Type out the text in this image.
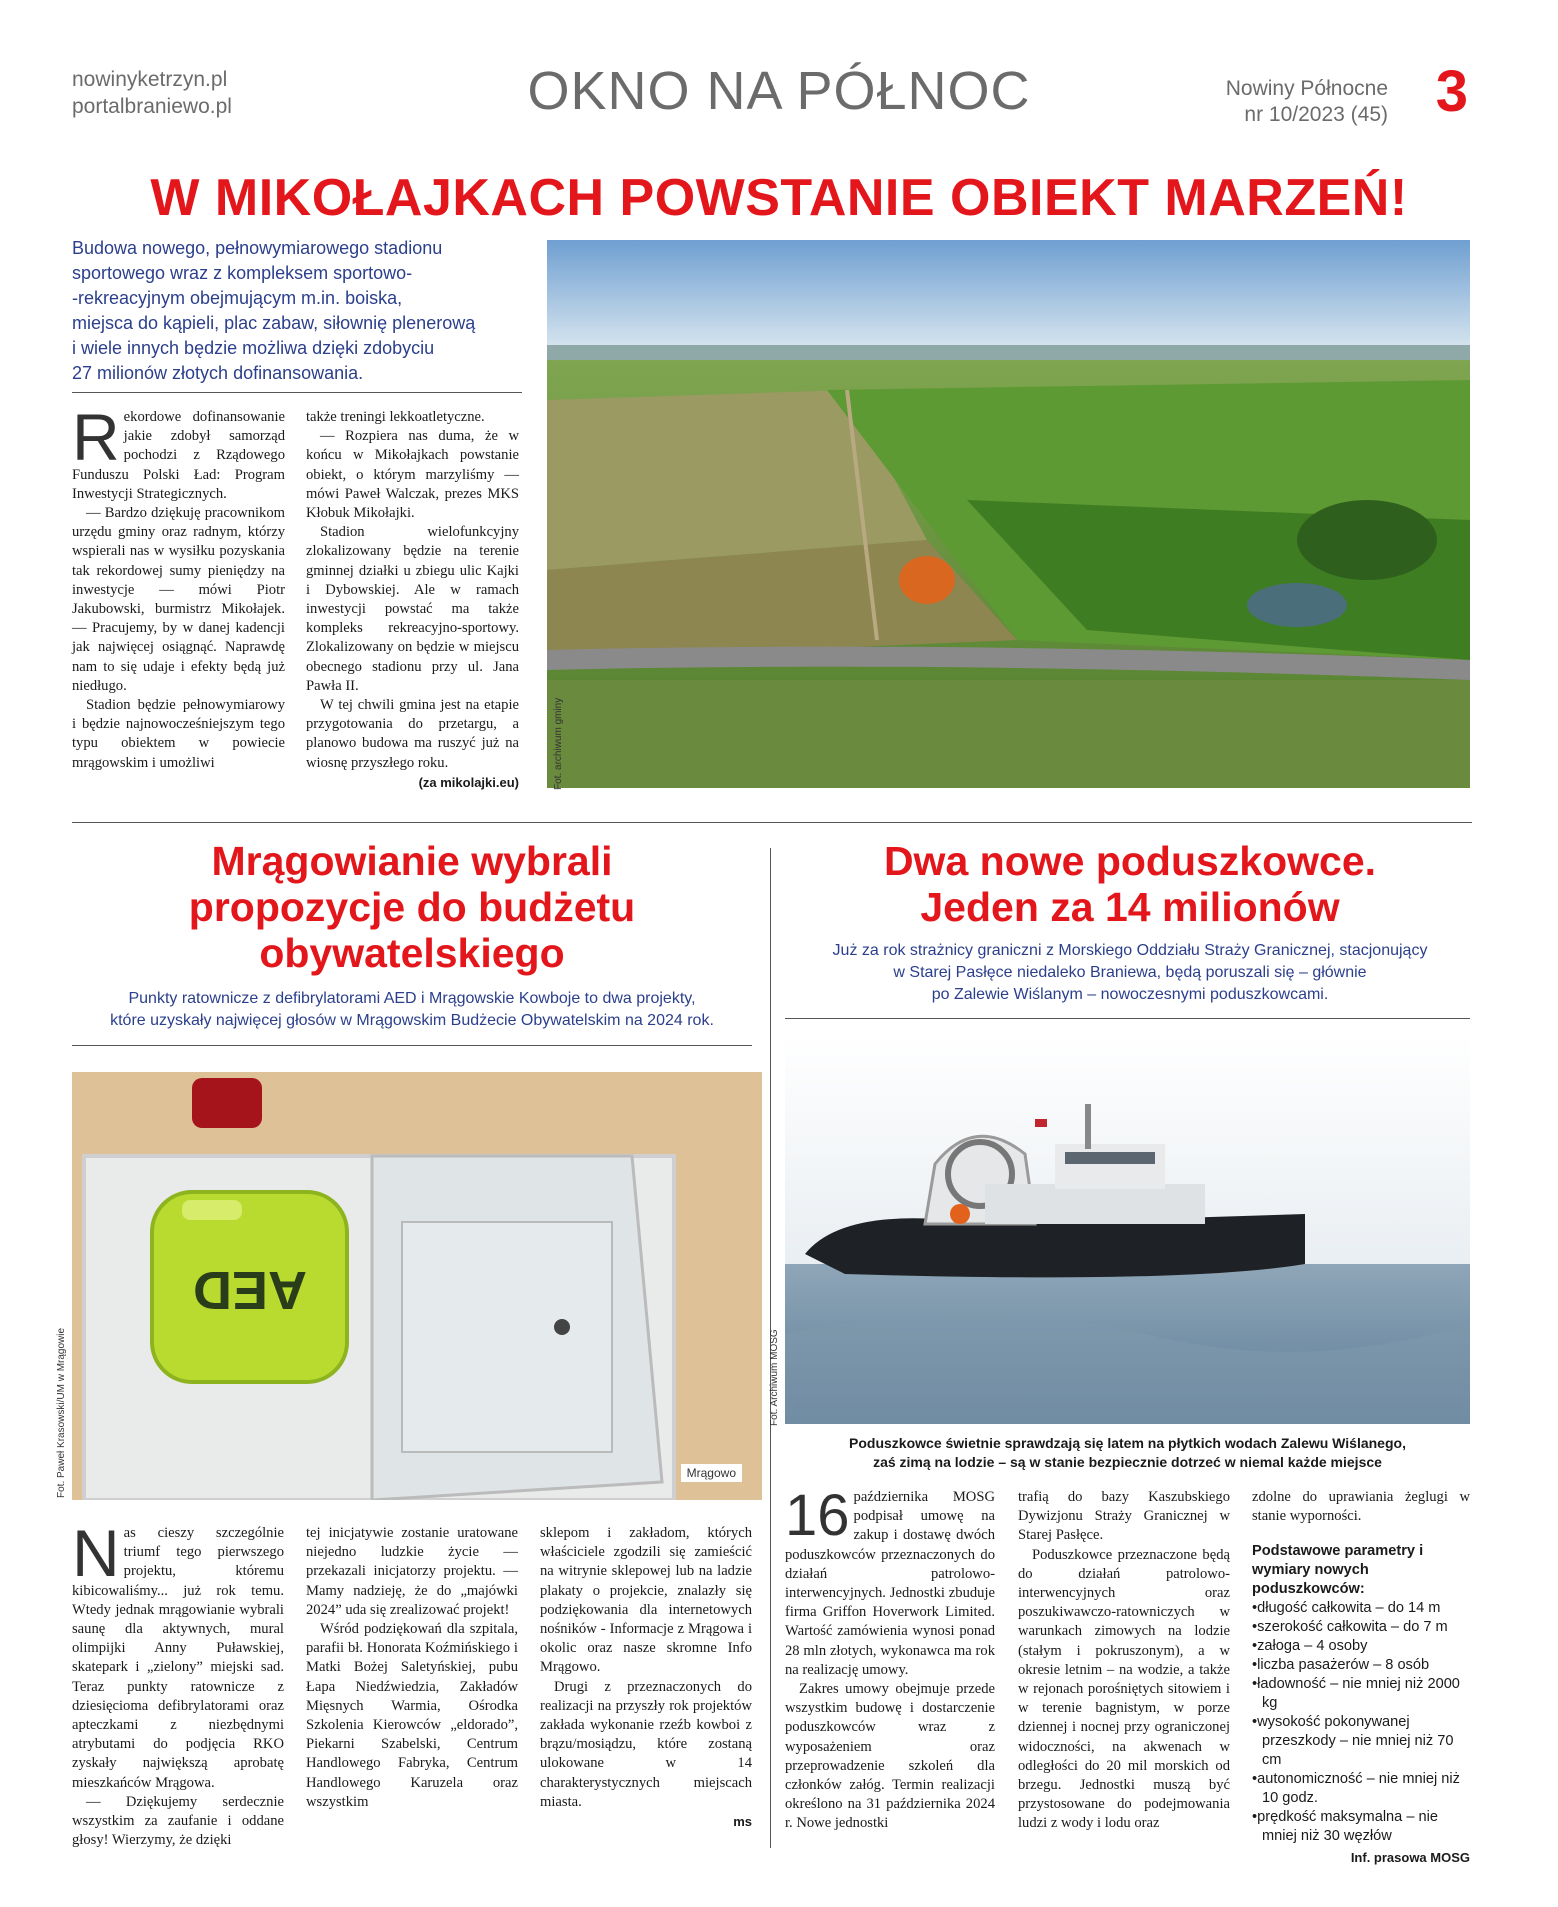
nowinyketrzyn.pl
portalbraniewo.pl	OKNO NA PÓŁNOC	Nowiny Północne
nr 10/2023 (45) 3
W MIKOŁAJKACH POWSTANIE OBIEKT MARZEŃ!
Budowa nowego, pełnowymiarowego stadionu
sportowego wraz z kompleksem sportowo-
-rekreacyjnym obejmującym m.in. boiska,
miejsca do kąpieli, plac zabaw, siłownię plenerową
i wiele innych będzie możliwa dzięki zdobyciu
27 milionów złotych dofinansowania.
R ekordowe dofinansowanie jakie zdobył samorząd pochodzi z Rządowego Funduszu Polski Ład: Program Inwestycji Strategicznych.

— Bardzo dziękuję pracownikom urzędu gminy oraz radnym, którzy wspierali nas w wysiłku pozyskania tak rekordowej sumy pieniędzy na inwestycje — mówi Piotr Jakubowski, burmistrz Mikołajek. — Pracujemy, by w danej kadencji jak najwięcej osiągnąć. Naprawdę nam to się udaje i efekty będą już niedługo.

Stadion będzie pełnowymiarowy i będzie najnowocześniejszym tego typu obiektem w powiecie mrągowskim i umożliwi

także treningi lekkoatletyczne.

— Rozpiera nas duma, że w końcu w Mikołajkach powstanie obiekt, o którym marzyliśmy — mówi Paweł Walczak, prezes MKS Kłobuk Mikołajki.

Stadion wielofunkcyjny zlokalizowany będzie na terenie gminnej działki u zbiegu ulic Kajki i Dybowskiej. Ale w ramach inwestycji powstać ma także kompleks rekreacyjno-sportowy. Zlokalizowany on będzie w miejscu obecnego stadionu przy ul. Jana Pawła II.

W tej chwili gmina jest na etapie przygotowania do przetargu, a planowo budowa ma ruszyć już na wiosnę przyszłego roku.

(za mikolajki.eu)	Fot. archiwum gminy
Mrągowianie wybrali
propozycje do budżetu
obywatelskiego
Punkty ratownicze z defibrylatorami AED i Mrągowskie Kowboje to dwa projekty,
które uzyskały najwięcej głosów w Mrągowskim Budżecie Obywatelskim na 2024 rok.
AED
Mrągowo
Fot. Paweł Krasowski/UM w Mrągowie
N as cieszy szczególnie triumf tego pierwszego projektu, któremu kibicowaliśmy... już rok temu. Wtedy jednak mrągowianie wybrali saunę dla aktywnych, mural olimpijki Anny Puławskiej, skatepark i „zielony” miejski sad. Teraz punkty ratownicze z dziesięcioma defibrylatorami oraz apteczkami z niezbędnymi atrybutami do podjęcia RKO zyskały największą aprobatę mieszkańców Mrągowa.

— Dziękujemy serdecznie wszystkim za zaufanie i oddane głosy! Wierzymy, że dzięki

tej inicjatywie zostanie uratowane niejedno ludzkie życie — przekazali inicjatorzy projektu. — Mamy nadzieję, że do „majówki 2024” uda się zrealizować projekt!

Wśród podziękowań dla szpitala, parafii bł. Honorata Koźmińskiego i Matki Bożej Saletyńskiej, pubu Łapa Niedźwiedzia, Zakładów Mięsnych Warmia, Ośrodka Szkolenia Kierowców „eldorado”, Piekarni Szabelski, Centrum Handlowego Fabryka, Centrum Handlowego Karuzela oraz wszystkim

sklepom i zakładom, których właściciele zgodzili się zamieścić na witrynie sklepowej lub na ladzie plakaty o projekcie, znalazły się podziękowania dla internetowych nośników - Informacje z Mrągowa i okolic oraz nasze skromne Info Mrągowo.

Drugi z przeznaczonych do realizacji na przyszły rok projektów zakłada wykonanie rzeźb kowboi z brązu/mosiądzu, które zostaną ulokowane w 14 charakterystycznych miejscach miasta.

ms
Dwa nowe poduszkowce.
Jeden za 14 milionów
Już za rok strażnicy graniczni z Morskiego Oddziału Straży Granicznej, stacjonujący
w Starej Pasłęce niedaleko Braniewa, będą poruszali się – głównie
po Zalewie Wiślanym – nowoczesnymi poduszkowcami.
Fot. Archiwum MOSG
Poduszkowce świetnie sprawdzają się latem na płytkich wodach Zalewu Wiślanego,
zaś zimą na lodzie – są w stanie bezpiecznie dotrzeć w niemal każde miejsce
16 października MOSG podpisał umowę na zakup i dostawę dwóch poduszkowców przeznaczonych do działań patrolowo-interwencyjnych. Jednostki zbuduje firma Griffon Hoverwork Limited. Wartość zamówienia wynosi ponad 28 mln złotych, wykonawca ma rok na realizację umowy.

Zakres umowy obejmuje przede wszystkim budowę i dostarczenie poduszkowców wraz z wyposażeniem oraz przeprowadzenie szkoleń dla członków załóg. Termin realizacji określono na 31 października 2024 r. Nowe jednostki

trafią do bazy Kaszubskiego Dywizjonu Straży Granicznej w Starej Pasłęce.

Poduszkowce przeznaczone będą do działań patrolowo-interwencyjnych oraz poszukiwawczo-ratowniczych w warunkach zimowych na lodzie (stałym i pokruszonym), a w okresie letnim – na wodzie, a także w rejonach porośniętych sitowiem i w terenie bagnistym, w porze dziennej i nocnej przy ograniczonej widoczności, na akwenach w odległości do 20 mil morskich od brzegu. Jednostki muszą być przystosowane do podejmowania ludzi z wody i lodu oraz

zdolne do uprawiania żeglugi w stanie wyporności.
Podstawowe parametry i wymiary nowych poduszkowców:
• długość całkowita – do 14 m
• szerokość całkowita – do 7 m
• załoga – 4 osoby
• liczba pasażerów – 8 osób
• ładowność – nie mniej niż 2000 kg
• wysokość pokonywanej przeszkody – nie mniej niż 70 cm
• autonomiczność – nie mniej niż 10 godz.
• prędkość maksymalna – nie mniej niż 30 węzłów
Inf. prasowa MOSG
